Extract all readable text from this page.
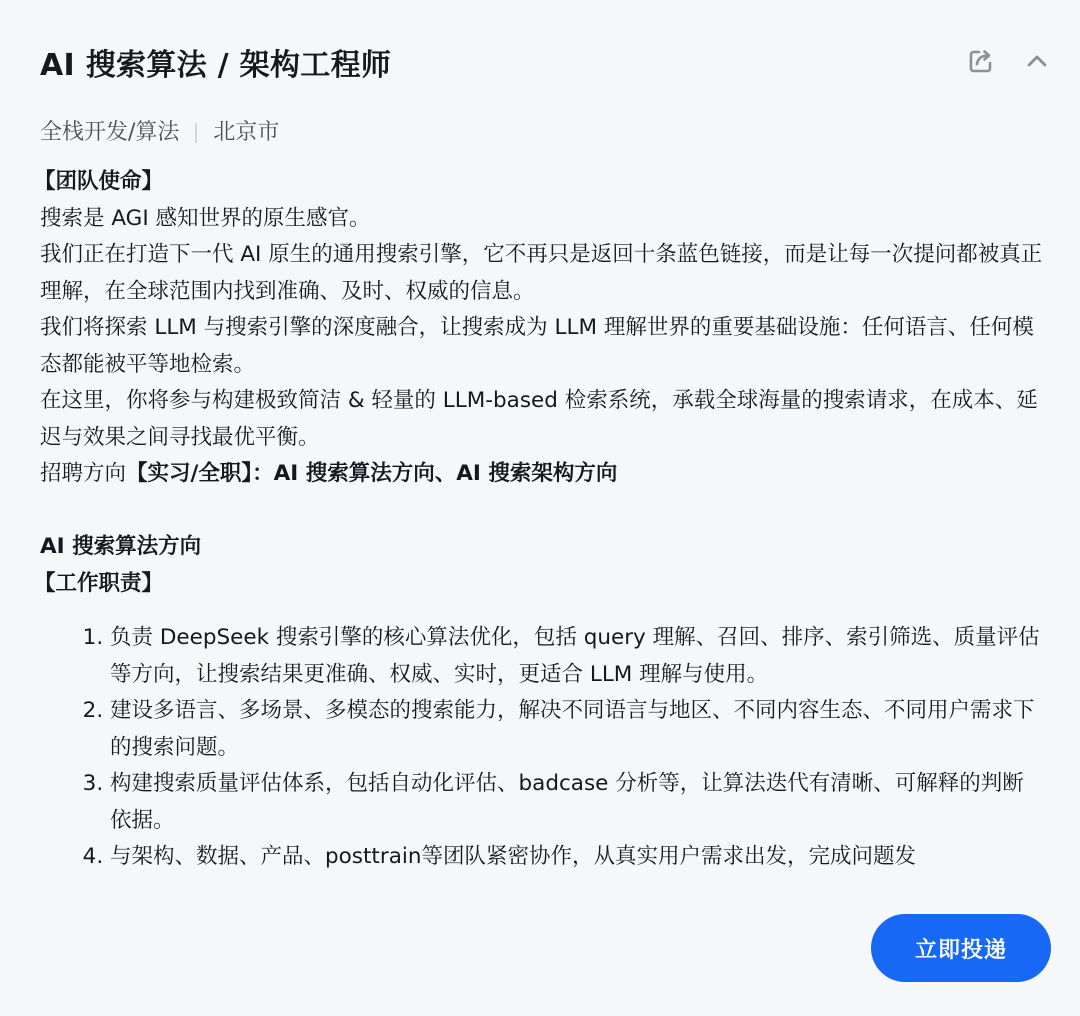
AI 搜索算法 / 架构工程师
全栈开发/算法 北京市

【团队使命】

搜索是 AGI 感知世界的原生感官。

我们正在打造下一代 AI 原生的通用搜索引擎，它不再只是返回十条蓝色链接，而是让每一次提问都被真正理解，在全球范围内找到准确、及时、权威的信息。

我们将探索 LLM 与搜索引擎的深度融合，让搜索成为 LLM 理解世界的重要基础设施：任何语言、任何模态都能被平等地检索。

在这里，你将参与构建极致简洁 & 轻量的 LLM-based 检索系统，承载全球海量的搜索请求，在成本、延迟与效果之间寻找最优平衡。

招聘方向【实习/全职】：AI 搜索算法方向、AI 搜索架构方向

AI 搜索算法方向

【工作职责】

1. 负责 DeepSeek 搜索引擎的核心算法优化，包括 query 理解、召回、排序、索引筛选、质量评估等方向，让搜索结果更准确、权威、实时，更适合 LLM 理解与使用。
2. 建设多语言、多场景、多模态的搜索能力，解决不同语言与地区、不同内容生态、不同用户需求下的搜索问题。
3. 构建搜索质量评估体系，包括自动化评估、badcase 分析等，让算法迭代有清晰、可解释的判断依据。
4. 与架构、数据、产品、posttrain等团队紧密协作，从真实用户需求出发，完成问题发
立即投递
